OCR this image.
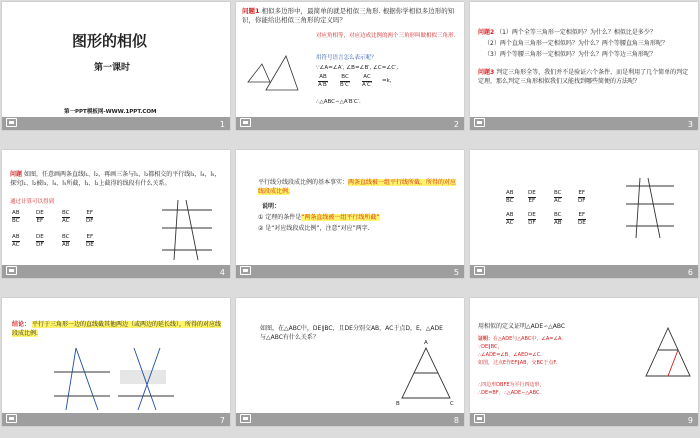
图形的相似
第一课时
第一PPT模板网-WWW.1PPT.COM
1
问题1 相似多边形中，最简单的就是相似三角形. 根据你学相似多边形的知识，你能给出相似三角形的定义吗？
对应角相等，对应边成比例的两个三角形叫做相似三角形.
用符号语言怎么表示呢？
∵∠A=∠A′, ∠B=∠B′, ∠C=∠C′,
$\frac{AB}{A'B'} \frac{BC}{B'C'} \frac{AC}{A'C'} =k$,
∴△ABC∽△A′B′C′.
2
问题2 （1）两个全等三角形一定相似吗？为什么？相似比是多少？
（2）两个直角三角形一定相似吗？为什么？两个等腰直角三角形呢？
（3）两个等腰三角形一定相似吗？为什么？两个等边三角形呢？
问题3 判定三角形全等，我们并不是验证六个条件，而是利用了几个简单的判定定理，那么判定三角形相似我们又能找到哪些简便的方法呢？
3
问题 如图，任意画两条直线l₁、l₂，再画三条与l₁、l₂都相交的平行线l₃，l₄，l₅，探究l₁、l₂被l₃、l₄、l₅所截，l₁、l₂上截得的线段有什么关系。
通过计算可以得到
$\frac{AB}{BC}$	$\frac{DE}{EF}$	$\frac{BC}{AC}$	$\frac{EF}{DF}$
$\frac{AB}{AC}$	$\frac{DE}{DF}$	$\frac{BC}{AB}$	$\frac{EF}{DE}$
4
平行线分线段成比例的基本事实：两条直线被一组平行线所截，所得的对应线段成比例.
说明：
① 定理的条件是“两条直线被一组平行线所截”
② 是“对应线段成比例”，注意“对应”两字.
5
$\frac{AB}{BC}$	$\frac{DE}{EF}$	$\frac{BC}{AC}$	$\frac{EF}{DF}$
$\frac{AB}{AC}$	$\frac{DE}{DF}$	$\frac{BC}{AB}$	$\frac{EF}{DE}$
6
结论： 平行于三角形一边的直线截其他两边（或两边的延长线），所得的对应线段成比例.
7
如图，在△ABC中，DE∥BC，且DE分别交AB，AC于点D，E，△ADE与△ABC有什么关系？
A
B	C
8
用相似的定义证明△ADE∽△ABC
证明：在△ADE与△ABC中，∠A=∠A.
∵DE∥BC，
∴∠ADE=∠B，∠AED=∠C.
如图，过点E作EF∥AB，交BC于点F.
∴四边形DBFE为平行四边形，
∴DE=BF，∴△ADE∽△ABC.
9
